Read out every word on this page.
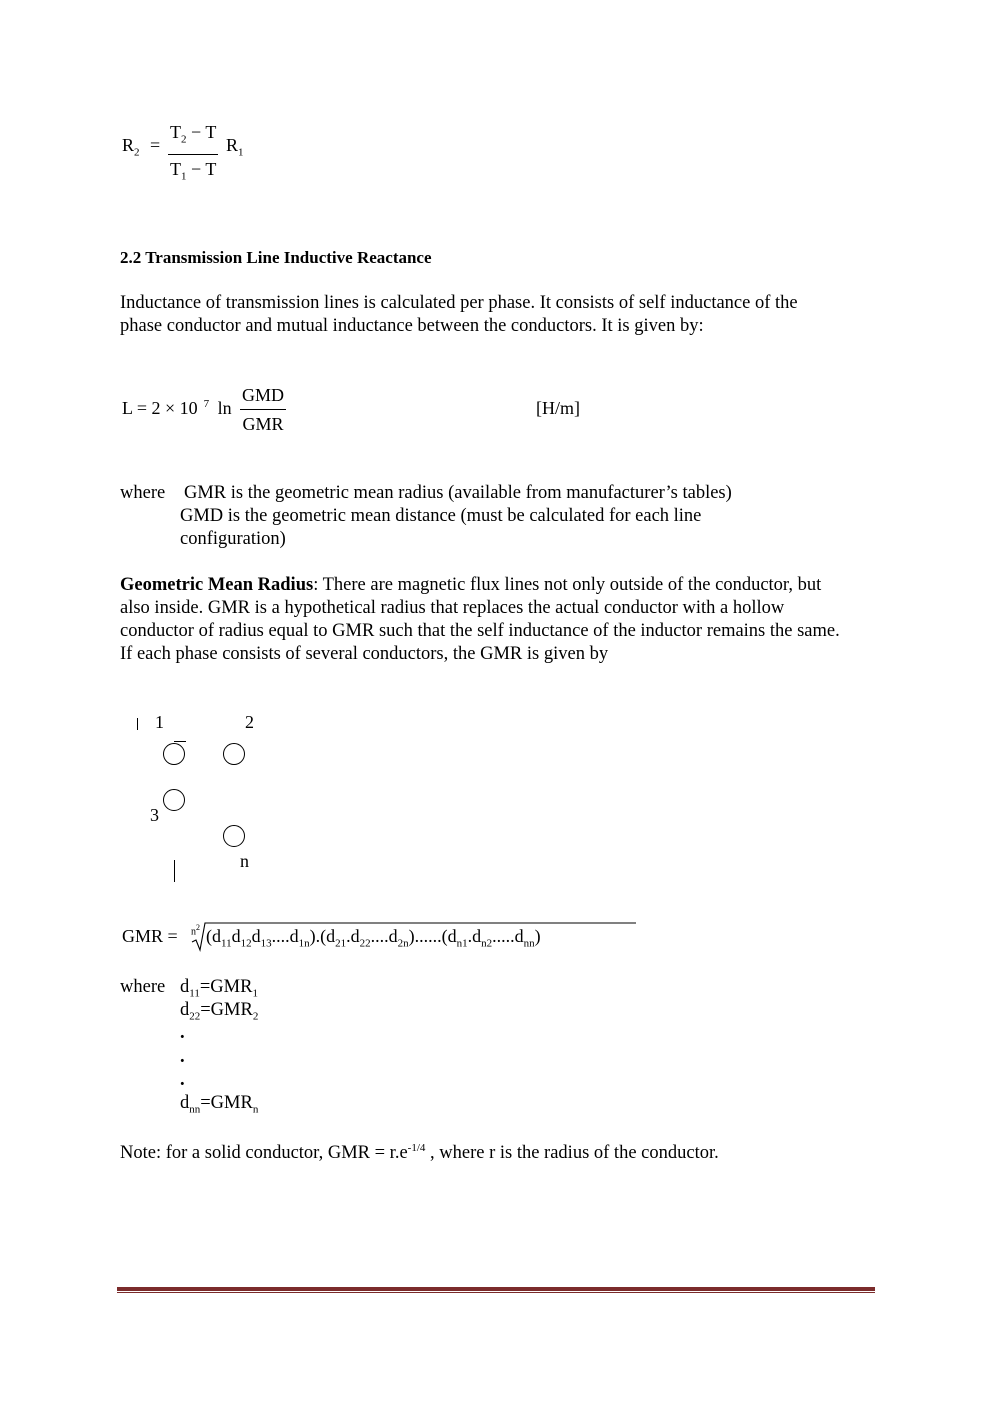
$R_2$ =
$T_2 - T$
$T_1 - T$
$R_1$
2.2 Transmission Line Inductive Reactance
Inductance of transmission lines is calculated per phase. It consists of self inductance of the
phase conductor and mutual inductance between the conductors. It is given by:
L = 2 × 10 $^7$ ln
GMD
GMR
[H/m]
where GMR is the geometric mean radius (available from manufacturer’s tables)
GMD is the geometric mean distance (must be calculated for each line
configuration)
Geometric Mean Radius: There are magnetic flux lines not only outside of the conductor, but
also inside. GMR is a hypothetical radius that replaces the actual conductor with a hollow
conductor of radius equal to GMR such that the self inductance of the inductor remains the same.
If each phase consists of several conductors, the GMR is given by
1	2
3
n
GMR = $n^2$ $(d_{11}d_{12}d_{13}....d_{1n}).(d_{21}.d_{22}....d_{2n})......(d_{n1}.d_{n2}.....d_{nn})$
where $d_{11}=GMR_1$
$d_{22}=GMR_2$
.
.
.
$d_{nn}=GMR_n$
Note: for a solid conductor, GMR = $r.e^{-1/4}$ , where r is the radius of the conductor.
